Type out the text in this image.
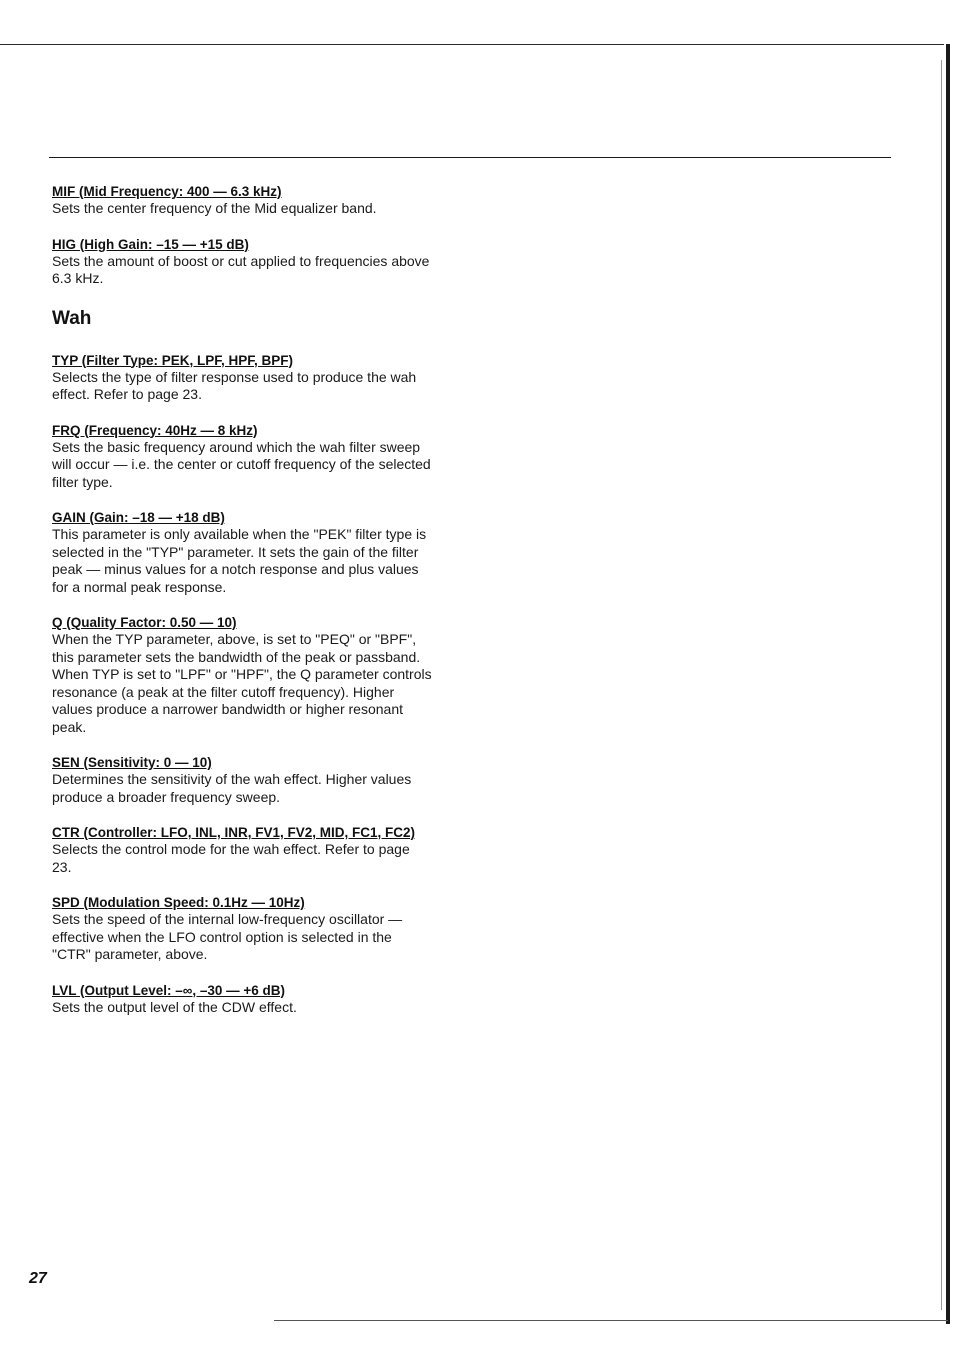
MIF (Mid Frequency: 400 — 6.3 kHz)
Sets the center frequency of the Mid equalizer band.
HIG (High Gain: –15 — +15 dB)
Sets the amount of boost or cut applied to frequencies above
6.3 kHz.
Wah
TYP (Filter Type: PEK, LPF, HPF, BPF)
Selects the type of filter response used to produce the wah
effect. Refer to page 23.
FRQ (Frequency: 40Hz — 8 kHz)
Sets the basic frequency around which the wah filter sweep
will occur — i.e. the center or cutoff frequency of the selected
filter type.
GAIN (Gain: –18 — +18 dB)
This parameter is only available when the "PEK" filter type is
selected in the "TYP" parameter. It sets the gain of the filter
peak — minus values for a notch response and plus values
for a normal peak response.
Q (Quality Factor: 0.50 — 10)
When the TYP parameter, above, is set to "PEQ" or "BPF",
this parameter sets the bandwidth of the peak or passband.
When TYP is set to "LPF" or "HPF", the Q parameter controls
resonance (a peak at the filter cutoff frequency). Higher
values produce a narrower bandwidth or higher resonant
peak.
SEN (Sensitivity: 0 — 10)
Determines the sensitivity of the wah effect. Higher values
produce a broader frequency sweep.
CTR (Controller: LFO, INL, INR, FV1, FV2, MID, FC1, FC2)
Selects the control mode for the wah effect. Refer to page
23.
SPD (Modulation Speed: 0.1Hz — 10Hz)
Sets the speed of the internal low-frequency oscillator —
effective when the LFO control option is selected in the
"CTR" parameter, above.
LVL (Output Level: –∞, –30 — +6 dB)
Sets the output level of the CDW effect.
27
